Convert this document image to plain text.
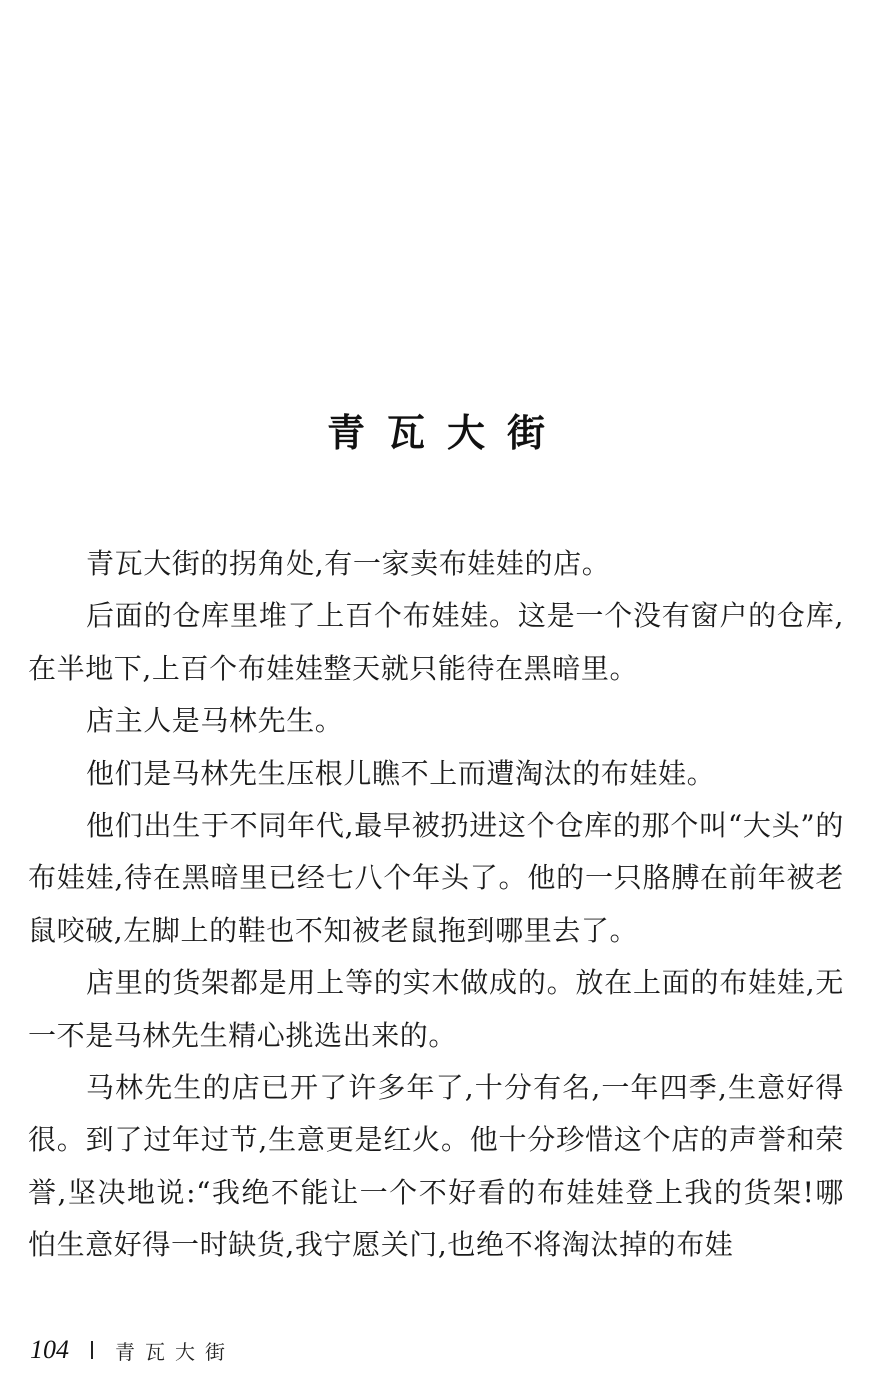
青瓦大街

青瓦大街的拐角处,有一家卖布娃娃的店。

后面的仓库里堆了上百个布娃娃。这是一个没有窗户的仓库,在半地下,上百个布娃娃整天就只能待在黑暗里。

店主人是马林先生。

他们是马林先生压根儿瞧不上而遭淘汰的布娃娃。

他们出生于不同年代,最早被扔进这个仓库的那个叫“大头”的布娃娃,待在黑暗里已经七八个年头了。他的一只胳膊在前年被老鼠咬破,左脚上的鞋也不知被老鼠拖到哪里去了。

店里的货架都是用上等的实木做成的。放在上面的布娃娃,无一不是马林先生精心挑选出来的。

马林先生的店已开了许多年了,十分有名,一年四季,生意好得很。到了过年过节,生意更是红火。他十分珍惜这个店的声誉和荣誉,坚决地说:“我绝不能让一个不好看的布娃娃登上我的货架!哪怕生意好得一时缺货,我宁愿关门,也绝不将淘汰掉的布娃

104 青瓦大街
